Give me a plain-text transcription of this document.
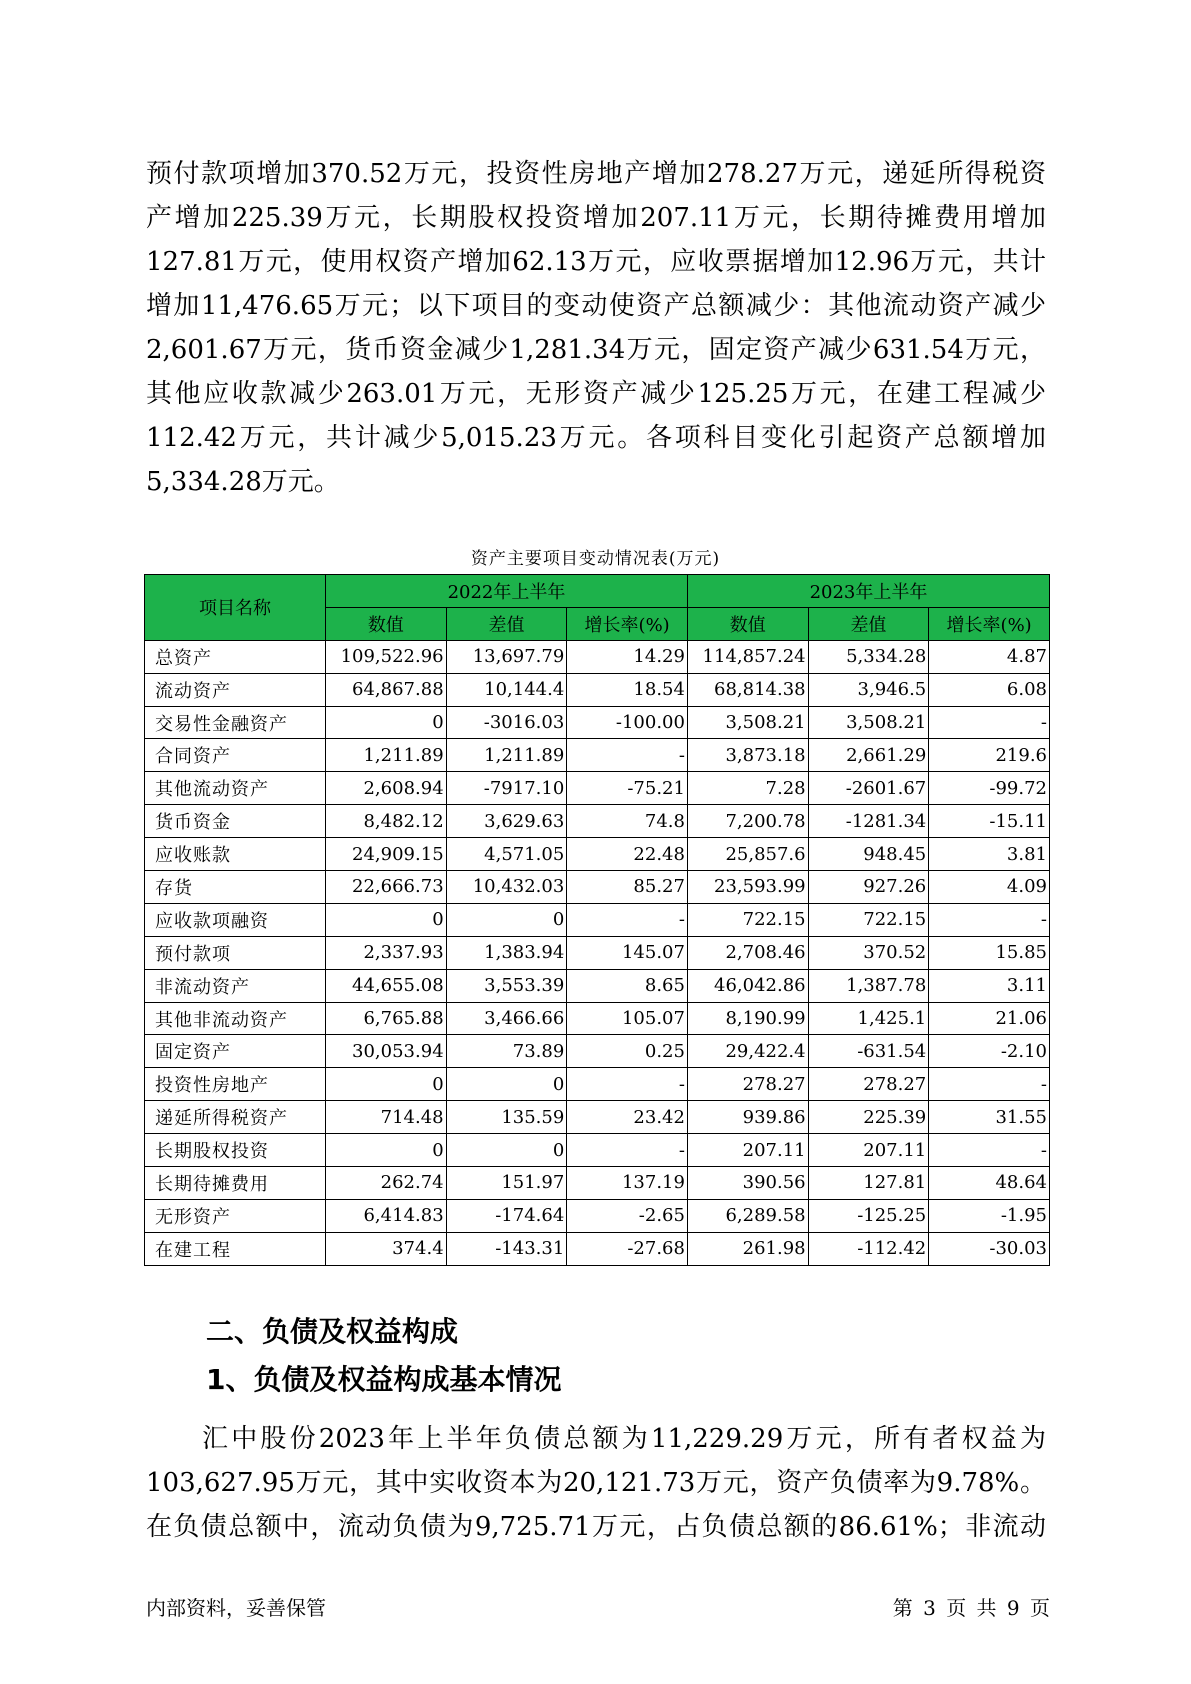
预付款项增加370.52万元，投资性房地产增加278.27万元，递延所得税资
产增加225.39万元，长期股权投资增加207.11万元，长期待摊费用增加
127.81万元，使用权资产增加62.13万元，应收票据增加12.96万元，共计
增加11,476.65万元；以下项目的变动使资产总额减少：其他流动资产减少
2,601.67万元，货币资金减少1,281.34万元，固定资产减少631.54万元，
其他应收款减少263.01万元，无形资产减少125.25万元，在建工程减少
112.42万元，共计减少5,015.23万元。各项科目变化引起资产总额增加
5,334.28万元。
资产主要项目变动情况表(万元)
项目名称	2022年上半年			2023年上半年		
	数值	差值	增长率(%)	数值	差值	增长率(%)
总资产	109,522.96	13,697.79	14.29	114,857.24	5,334.28	4.87
流动资产	64,867.88	10,144.4	18.54	68,814.38	3,946.5	6.08
交易性金融资产	0	-3016.03	-100.00	3,508.21	3,508.21	-
合同资产	1,211.89	1,211.89	-	3,873.18	2,661.29	219.6
其他流动资产	2,608.94	-7917.10	-75.21	7.28	-2601.67	-99.72
货币资金	8,482.12	3,629.63	74.8	7,200.78	-1281.34	-15.11
应收账款	24,909.15	4,571.05	22.48	25,857.6	948.45	3.81
存货	22,666.73	10,432.03	85.27	23,593.99	927.26	4.09
应收款项融资	0	0	-	722.15	722.15	-
预付款项	2,337.93	1,383.94	145.07	2,708.46	370.52	15.85
非流动资产	44,655.08	3,553.39	8.65	46,042.86	1,387.78	3.11
其他非流动资产	6,765.88	3,466.66	105.07	8,190.99	1,425.1	21.06
固定资产	30,053.94	73.89	0.25	29,422.4	-631.54	-2.10
投资性房地产	0	0	-	278.27	278.27	-
递延所得税资产	714.48	135.59	23.42	939.86	225.39	31.55
长期股权投资	0	0	-	207.11	207.11	-
长期待摊费用	262.74	151.97	137.19	390.56	127.81	48.64
无形资产	6,414.83	-174.64	-2.65	6,289.58	-125.25	-1.95
在建工程	374.4	-143.31	-27.68	261.98	-112.42	-30.03
二、负债及权益构成
1、负债及权益构成基本情况
汇中股份2023年上半年负债总额为11,229.29万元，所有者权益为
103,627.95万元，其中实收资本为20,121.73万元，资产负债率为9.78%。
在负债总额中，流动负债为9,725.71万元，占负债总额的86.61%；非流动
内部资料，妥善保管	第 3 页 共 9 页
